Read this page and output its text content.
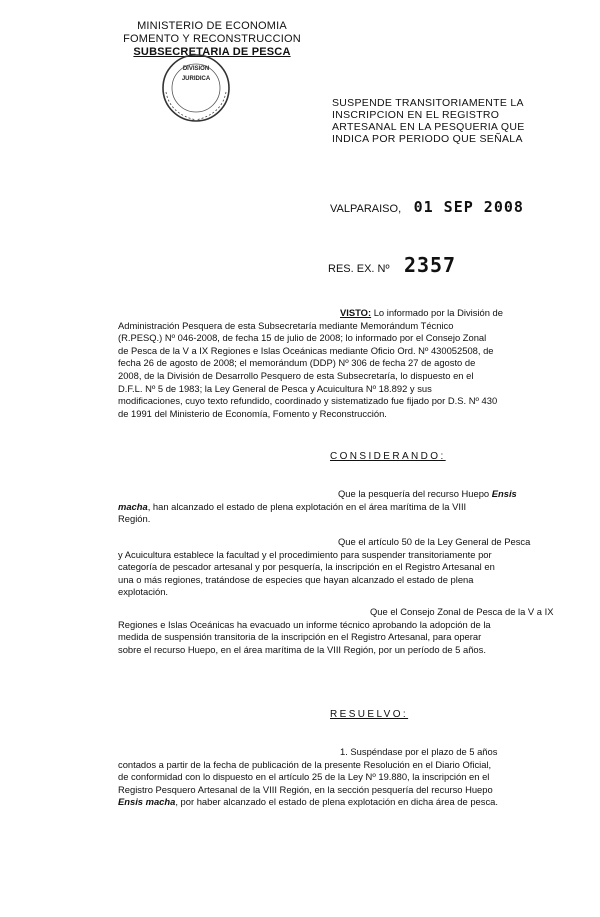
MINISTERIO DE ECONOMIA
FOMENTO Y RECONSTRUCCION
SUBSECRETARIA DE PESCA
DIVISION
JURIDICA
SUSPENDE TRANSITORIAMENTE LA
INSCRIPCION EN EL REGISTRO
ARTESANAL EN LA PESQUERIA QUE
INDICA POR PERIODO QUE SEÑALA
VALPARAISO, 01 SEP 2008
RES. EX. Nº 2357
VISTO: Lo informado por la División de
Administración Pesquera de esta Subsecretaría mediante Memorándum Técnico
(R.PESQ.) Nº 046-2008, de fecha 15 de julio de 2008; lo informado por el Consejo Zonal
de Pesca de la V a IX Regiones e Islas Oceánicas mediante Oficio Ord. Nº 430052508, de
fecha 26 de agosto de 2008; el memorándum (DDP) Nº 306 de fecha 27 de agosto de
2008, de la División de Desarrollo Pesquero de esta Subsecretaría, lo dispuesto en el
D.F.L. Nº 5 de 1983; la Ley General de Pesca y Acuicultura Nº 18.892 y sus
modificaciones, cuyo texto refundido, coordinado y sistematizado fue fijado por D.S. Nº 430
de 1991 del Ministerio de Economía, Fomento y Reconstrucción.
CONSIDERANDO:
Que la pesquería del recurso Huepo Ensis
macha, han alcanzado el estado de plena explotación en el área marítima de la VIII
Región.
Que el artículo 50 de la Ley General de Pesca
y Acuicultura establece la facultad y el procedimiento para suspender transitoriamente por
categoría de pescador artesanal y por pesquería, la inscripción en el Registro Artesanal en
una o más regiones, tratándose de especies que hayan alcanzado el estado de plena
explotación.
Que el Consejo Zonal de Pesca de la V a IX
Regiones e Islas Oceánicas ha evacuado un informe técnico aprobando la adopción de la
medida de suspensión transitoria de la inscripción en el Registro Artesanal, para operar
sobre el recurso Huepo, en el área marítima de la VIII Región, por un período de 5 años.
RESUELVO:
1. Suspéndase por el plazo de 5 años
contados a partir de la fecha de publicación de la presente Resolución en el Diario Oficial,
de conformidad con lo dispuesto en el artículo 25 de la Ley Nº 19.880, la inscripción en el
Registro Pesquero Artesanal de la VIII Región, en la sección pesquería del recurso Huepo
Ensis macha, por haber alcanzado el estado de plena explotación en dicha área de pesca.
